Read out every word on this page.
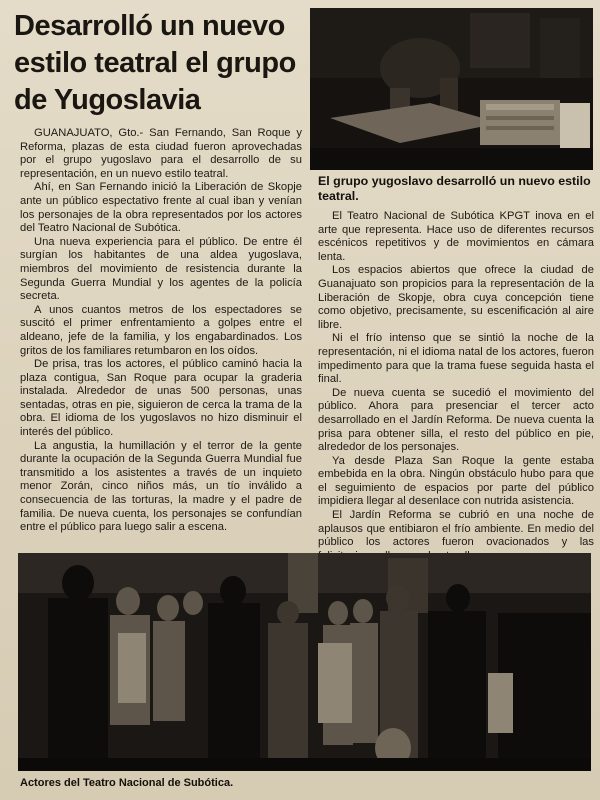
Desarrolló un nuevo estilo teatral el grupo de Yugoslavia

El grupo yugoslavo desarrolló un nuevo estilo teatral.

GUANAJUATO, Gto.- San Fernando, San Roque y Reforma, plazas de esta ciudad fueron aprovechadas por el grupo yugoslavo para el desarrollo de su representación, en un nuevo estilo teatral.

Ahí, en San Fernando inició la Liberación de Skopje ante un público espectativo frente al cual iban y venían los personajes de la obra representados por los actores del Teatro Nacional de Subótica.

Una nueva experiencia para el público. De entre él surgían los habitantes de una aldea yugoslava, miembros del movimiento de resistencia durante la Segunda Guerra Mundial y los agentes de la policía secreta.

A unos cuantos metros de los espectadores se suscitó el primer enfrentamiento a golpes entre el aldeano, jefe de la familia, y los engabardinados. Los gritos de los familiares retumbaron en los oídos.

De prisa, tras los actores, el público caminó hacia la plaza contigua, San Roque para ocupar la graderia instalada. Alrededor de unas 500 personas, unas sentadas, otras en pie, siguieron de cerca la trama de la obra. El idioma de los yugoslavos no hizo disminuir el interés del público.

La angustia, la humillación y el terror de la gente durante la ocupación de la Segunda Guerra Mundial fue transmitido a los asistentes a través de un inquieto menor Zorán, cinco niños más, un tío inválido a consecuencia de las torturas, la madre y el padre de familia. De nueva cuenta, los personajes se confundían entre el público para luego salir a escena.

El Teatro Nacional de Subótica KPGT inova en el arte que representa. Hace uso de diferentes recursos escénicos repetitivos y de movimientos en cámara lenta.

Los espacios abiertos que ofrece la ciudad de Guanajuato son propicios para la representación de la Liberación de Skopje, obra cuya concepción tiene como objetivo, precisamente, su escenificación al aire libre.

Ni el frío intenso que se sintió la noche de la representación, ni el idioma natal de los actores, fueron impedimento para que la trama fuese seguida hasta el final.

De nueva cuenta se sucedió el movimiento del público. Ahora para presenciar el tercer acto desarrollado en el Jardín Reforma. De nueva cuenta la prisa para obtener silla, el resto del público en pie, alrededor de los personajes.

Ya desde Plaza San Roque la gente estaba embebida en la obra. Ningún obstáculo hubo para que el seguimiento de espacios por parte del público impidiera llegar al desenlace con nutrida asistencia.

El Jardín Reforma se cubrió en una noche de aplausos que entibiaron el frío ambiente. En medio del público los actores fueron ovacionados y las

Actores del Teatro Nacional de Subótica.
